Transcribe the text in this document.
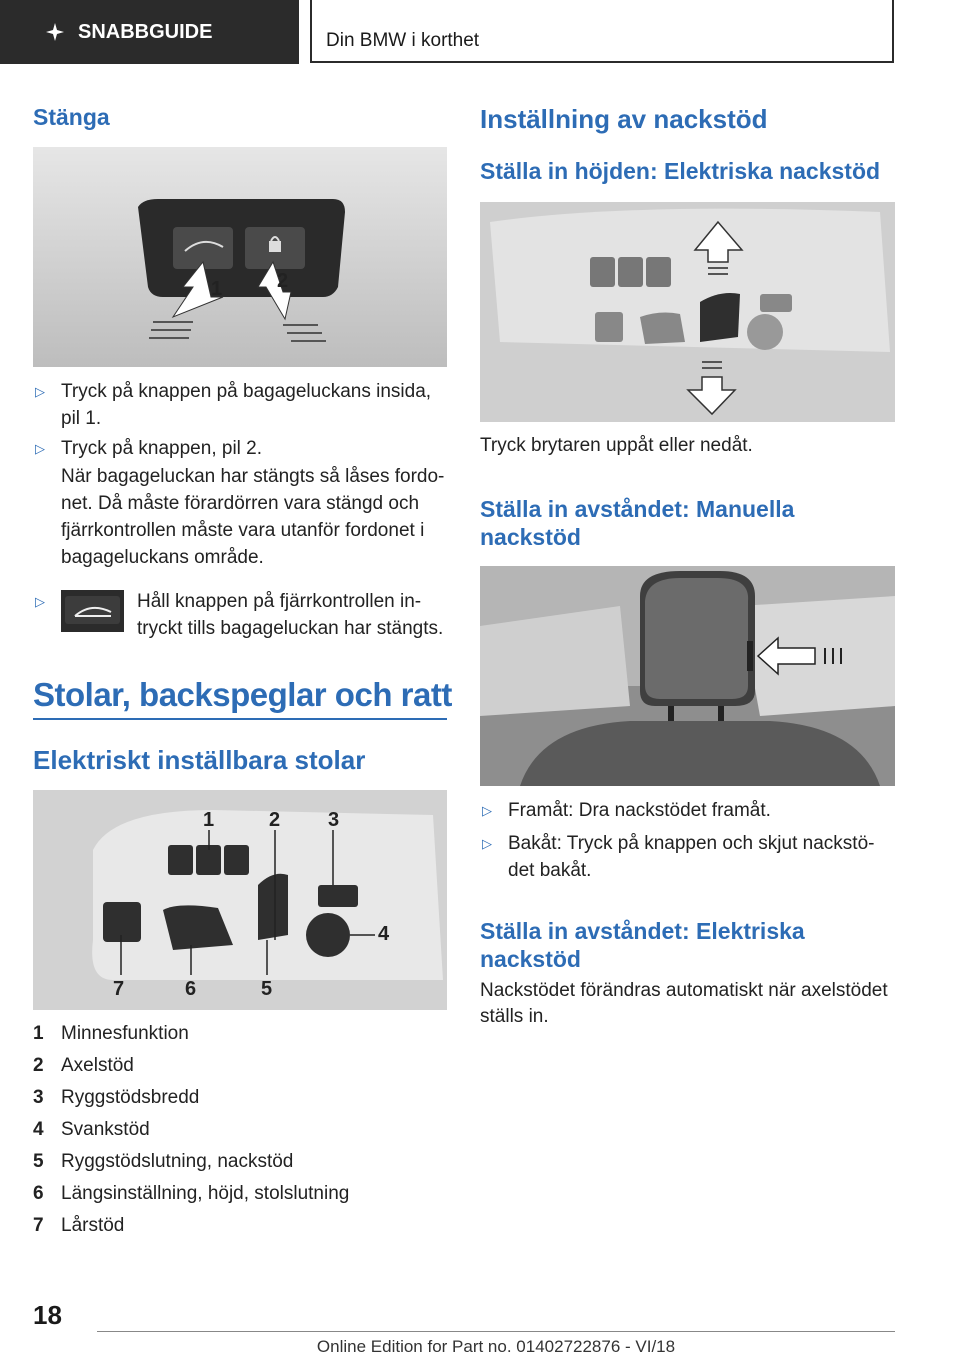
SNABBGUIDE	Din BMW i korthet
Stänga
1	2
▷ Tryck på knappen på bagageluckans insida, pil 1.
▷ Tryck på knappen, pil 2.
När bagageluckan har stängts så låses fordo-net. Då måste förardörren vara stängd och fjärrkontrollen måste vara utanför fordonet i bagageluckans område.
▷	Håll knappen på fjärrkontrollen in-tryckt tills bagageluckan har stängts.
Stolar, backspeglar och ratt
Elektriskt inställbara stolar
1	2 3
4
5
6
7
1 Minnesfunktion
2 Axelstöd
3 Ryggstödsbredd
4 Svankstöd
5 Ryggstödslutning, nackstöd
6 Längsinställning, höjd, stolslutning
7 Lårstöd
Inställning av nackstöd
Ställa in höjden: Elektriska nackstöd
Tryck brytaren uppåt eller nedåt.
Ställa in avståndet: Manuella nackstöd
▷ Framåt: Dra nackstödet framåt.
▷ Bakåt: Tryck på knappen och skjut nackstö-det bakåt.
Ställa in avståndet: Elektriska nackstöd
Nackstödet förändras automatiskt när axelstödet ställs in.
18
Online Edition for Part no. 01402722876 - VI/18
